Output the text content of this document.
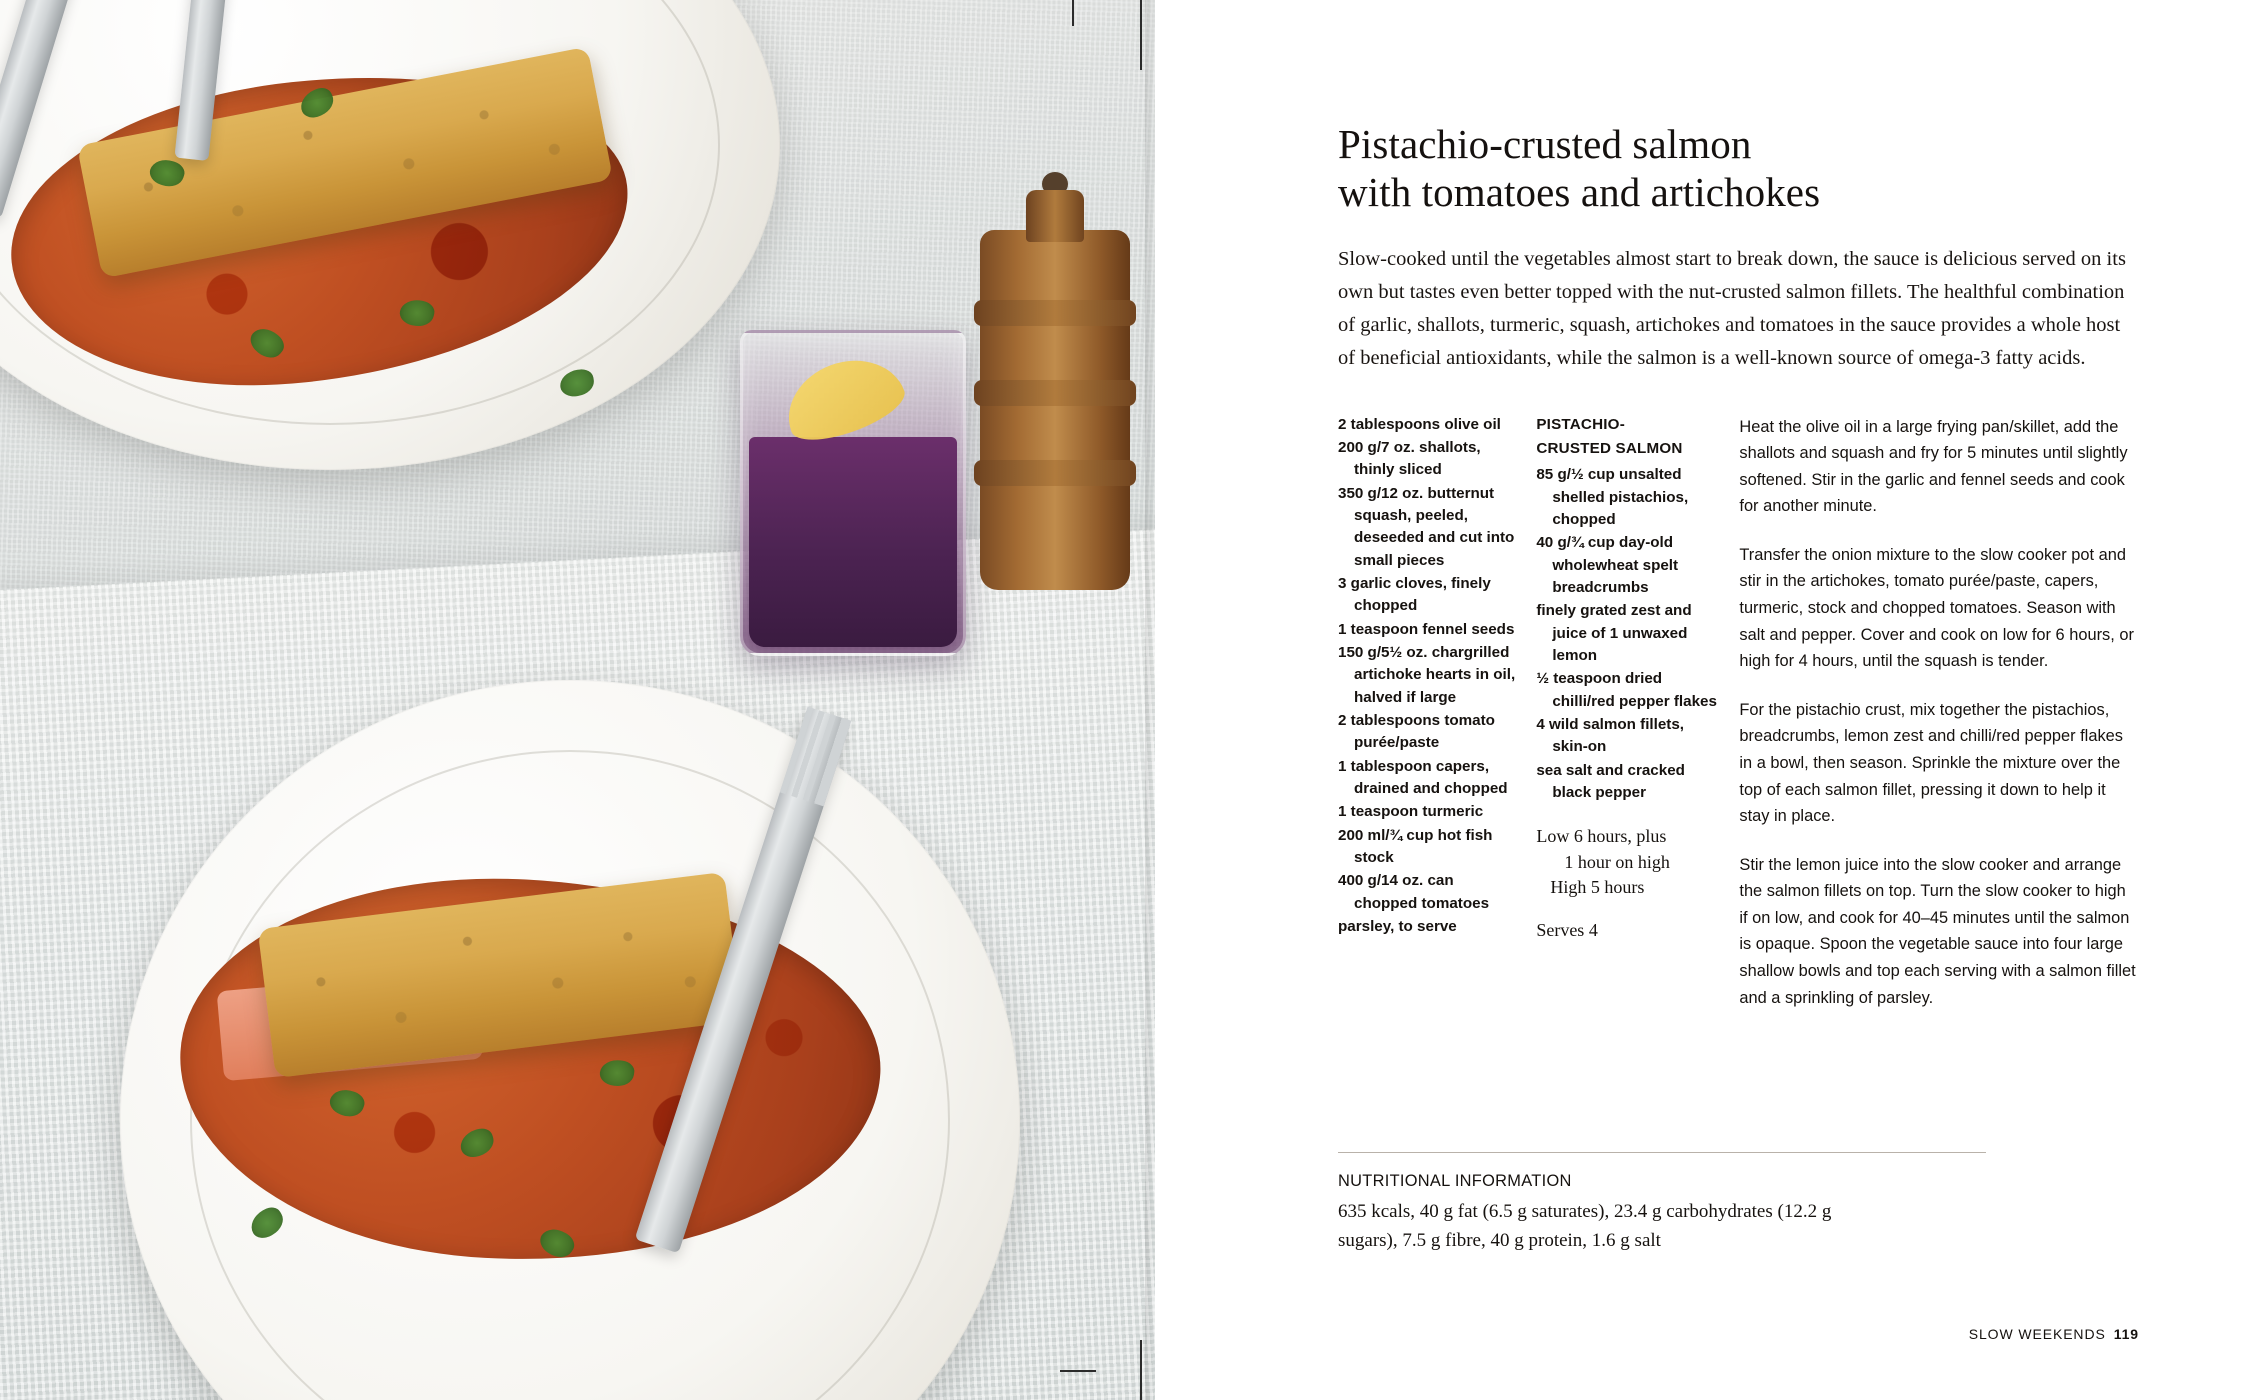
Pistachio-crusted salmon
with tomatoes and artichokes

Slow-cooked until the vegetables almost start to break down, the sauce is delicious served on its own but tastes even better topped with the nut-crusted salmon fillets. The healthful combination of garlic, shallots, turmeric, squash, artichokes and tomatoes in the sauce provides a whole host of beneficial antioxidants, while the salmon is a well-known source of omega-3 fatty acids.

2 tablespoons olive oil

200 g/7 oz. shallots, thinly sliced

350 g/12 oz. butternut squash, peeled, deseeded and cut into small pieces

3 garlic cloves, finely chopped

1 teaspoon fennel seeds

150 g/5½ oz. chargrilled artichoke hearts in oil, halved if large

2 tablespoons tomato purée/paste

1 tablespoon capers, drained and chopped

1 teaspoon turmeric

200 ml/¾ cup hot fish stock

400 g/14 oz. can chopped tomatoes

parsley, to serve

PISTACHIO-

CRUSTED SALMON

85 g/½ cup unsalted shelled pistachios, chopped

40 g/¾ cup day-old wholewheat spelt breadcrumbs

finely grated zest and juice of 1 unwaxed lemon

½ teaspoon dried chilli/red pepper flakes

4 wild salmon fillets, skin-on

sea salt and cracked black pepper

Low 6 hours, plus
1 hour on high
High 5 hours

Serves 4

Heat the olive oil in a large frying pan/skillet, add the shallots and squash and fry for 5 minutes until slightly softened. Stir in the garlic and fennel seeds and cook for another minute.

Transfer the onion mixture to the slow cooker pot and stir in the artichokes, tomato purée/paste, capers, turmeric, stock and chopped tomatoes. Season with salt and pepper. Cover and cook on low for 6 hours, or high for 4 hours, until the squash is tender.

For the pistachio crust, mix together the pistachios, breadcrumbs, lemon zest and chilli/red pepper flakes in a bowl, then season. Sprinkle the mixture over the top of each salmon fillet, pressing it down to help it stay in place.

Stir the lemon juice into the slow cooker and arrange the salmon fillets on top. Turn the slow cooker to high if on low, and cook for 40–45 minutes until the salmon is opaque. Spoon the vegetable sauce into four large shallow bowls and top each serving with a salmon fillet and a sprinkling of parsley.

NUTRITIONAL INFORMATION

635 kcals, 40 g fat (6.5 g saturates), 23.4 g carbohydrates (12.2 g sugars), 7.5 g fibre, 40 g protein, 1.6 g salt

SLOW WEEKENDS 119
